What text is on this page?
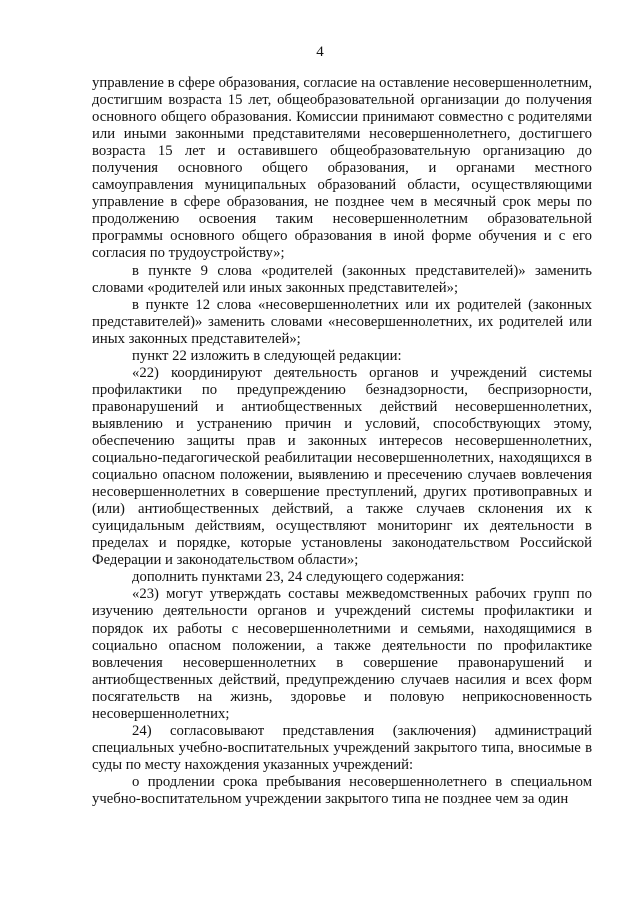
4

управление в сфере образования, согласие на оставление несовершеннолетним, достигшим возраста 15 лет, общеобразовательной организации до получения основного общего образования. Комиссии принимают совместно с родителями или иными законными представителями несовершеннолетнего, достигшего возраста 15 лет и оставившего общеобразовательную организацию до получения основного общего образования, и органами местного самоуправления муниципальных образований области, осуществляющими управление в сфере образования, не позднее чем в месячный срок меры по продолжению освоения таким несовершеннолетним образовательной программы основного общего образования в иной форме обучения и с его согласия по трудоустройству»;

в пункте 9 слова «родителей (законных представителей)» заменить словами «родителей или иных законных представителей»;

в пункте 12 слова «несовершеннолетних или их родителей (законных представителей)» заменить словами «несовершеннолетних, их родителей или иных законных представителей»;

пункт 22 изложить в следующей редакции:

«22) координируют деятельность органов и учреждений системы профилактики по предупреждению безнадзорности, беспризорности, правонарушений и антиобщественных действий несовершеннолетних, выявлению и устранению причин и условий, способствующих этому, обеспечению защиты прав и законных интересов несовершеннолетних, социально-педагогической реабилитации несовершеннолетних, находящихся в социально опасном положении, выявлению и пресечению случаев вовлечения несовершеннолетних в совершение преступлений, других противоправных и (или) антиобщественных действий, а также случаев склонения их к суицидальным действиям, осуществляют мониторинг их деятельности в пределах и порядке, которые установлены законодательством Российской Федерации и законодательством области»;

дополнить пунктами 23, 24 следующего содержания:

«23) могут утверждать составы межведомственных рабочих групп по изучению деятельности органов и учреждений системы профилактики и порядок их работы с несовершеннолетними и семьями, находящимися в социально опасном положении, а также деятельности по профилактике вовлечения несовершеннолетних в совершение правонарушений и антиобщественных действий, предупреждению случаев насилия и всех форм посягательств на жизнь, здоровье и половую неприкосновенность несовершеннолетних;

24) согласовывают представления (заключения) администраций специальных учебно-воспитательных учреждений закрытого типа, вносимые в суды по месту нахождения указанных учреждений:

о продлении срока пребывания несовершеннолетнего в специальном учебно-воспитательном учреждении закрытого типа не позднее чем за один
